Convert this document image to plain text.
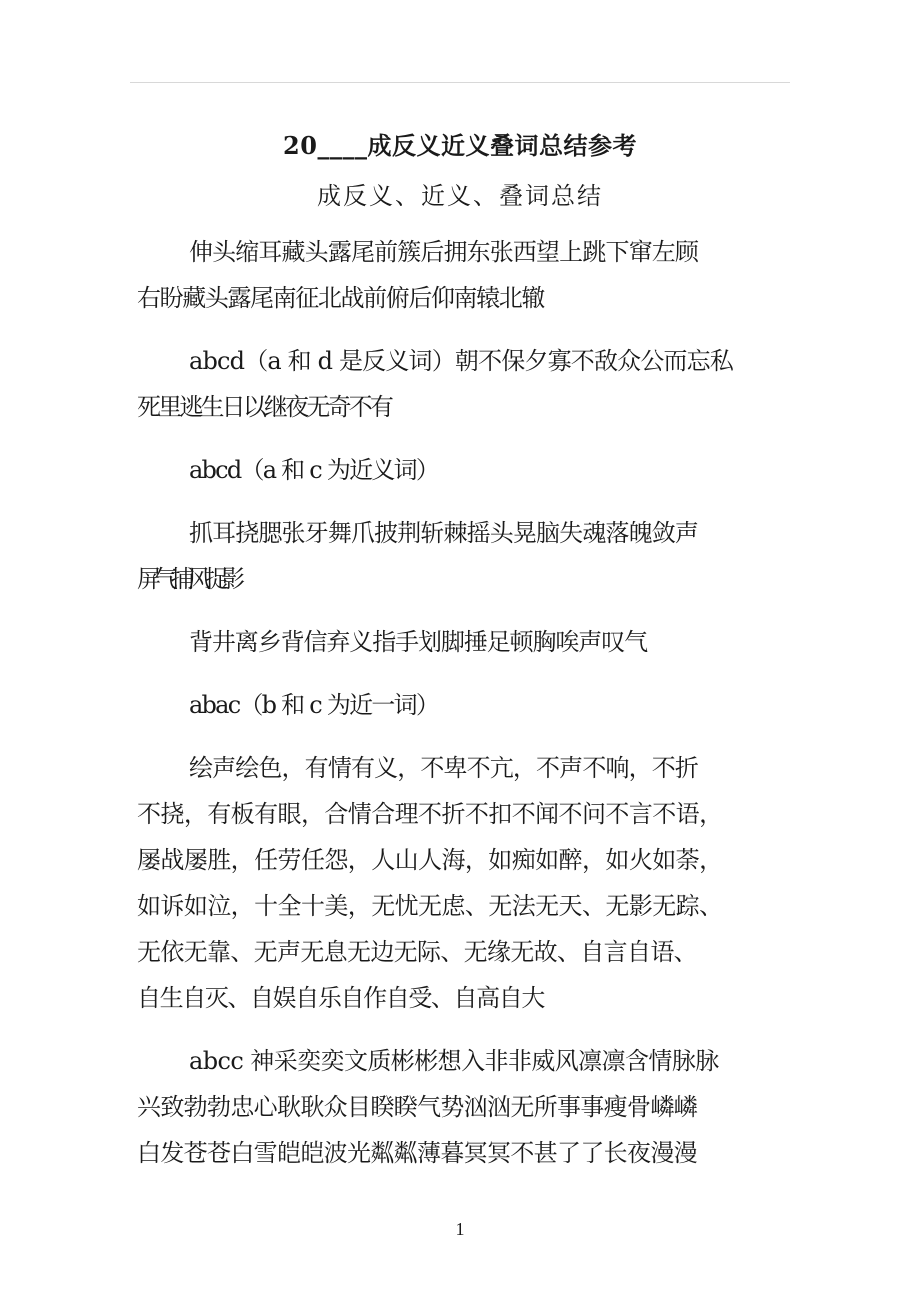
20____成反义近义叠词总结参考
成反义、近义、叠词总结

伸头缩耳藏头露尾前簇后拥东张西望上跳下窜左顾
右盼藏头露尾南征北战前俯后仰南辕北辙

abcd（a 和 d 是反义词）朝不保夕寡不敌众公而忘私
死里逃生日以继夜无奇不有

abcd（a 和 c 为近义词）

抓耳挠腮张牙舞爪披荆斩棘摇头晃脑失魂落魄敛声
屏气捕风捉影

背井离乡背信弃义指手划脚捶足顿胸唉声叹气

abac（b 和 c 为近一词）

绘声绘色，有情有义，不卑不亢，不声不响，不折
不挠，有板有眼，合情合理不折不扣不闻不问不言不语，
屡战屡胜，任劳任怨，人山人海，如痴如醉，如火如荼，
如诉如泣，十全十美，无忧无虑、无法无天、无影无踪、
无依无靠、无声无息无边无际、无缘无故、自言自语、
自生自灭、自娱自乐自作自受、自高自大

abcc 神采奕奕文质彬彬想入非非威风凛凛含情脉脉
兴致勃勃忠心耿耿众目睽睽气势汹汹无所事事瘦骨嶙嶙
白发苍苍白雪皑皑波光粼粼薄暮冥冥不甚了了长夜漫漫

1
